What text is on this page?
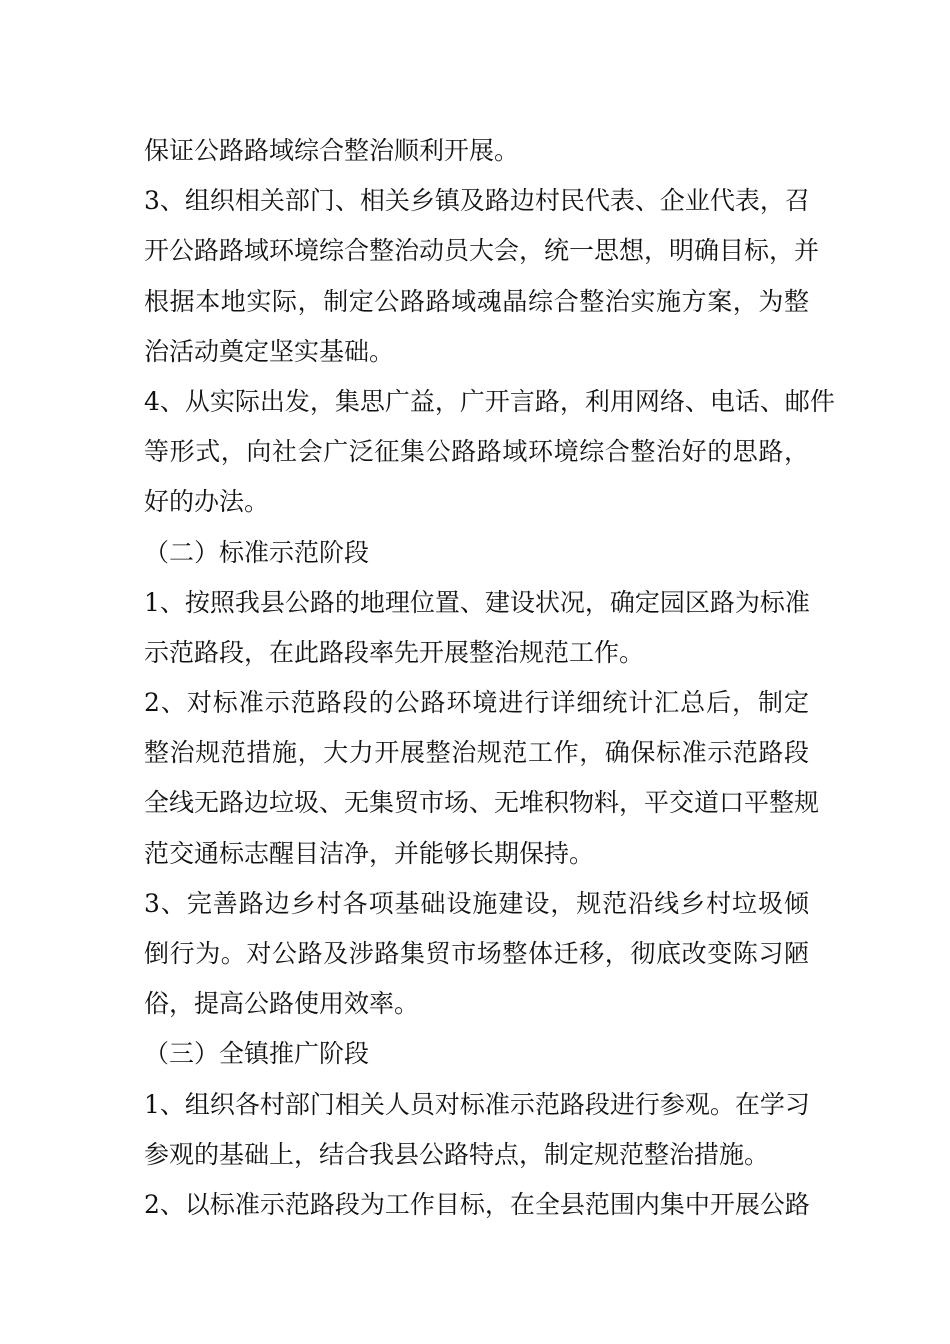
保证公路路域综合整治顺利开展。
3、组织相关部门、相关乡镇及路边村民代表、企业代表，召
开公路路域环境综合整治动员大会，统一思想，明确目标，并
根据本地实际，制定公路路域魂晶综合整治实施方案，为整
治活动奠定坚实基础。
4、从实际出发，集思广益，广开言路，利用网络、电话、邮件
等形式，向社会广泛征集公路路域环境综合整治好的思路，
好的办法。
（二）标准示范阶段
1、按照我县公路的地理位置、建设状况，确定园区路为标准
示范路段，在此路段率先开展整治规范工作。
2、对标准示范路段的公路环境进行详细统计汇总后，制定
整治规范措施，大力开展整治规范工作，确保标准示范路段
全线无路边垃圾、无集贸市场、无堆积物料，平交道口平整规
范交通标志醒目洁净，并能够长期保持。
3、完善路边乡村各项基础设施建设，规范沿线乡村垃圾倾
倒行为。对公路及涉路集贸市场整体迁移，彻底改变陈习陋
俗，提高公路使用效率。
（三）全镇推广阶段
1、组织各村部门相关人员对标准示范路段进行参观。在学习
参观的基础上，结合我县公路特点，制定规范整治措施。
2、以标准示范路段为工作目标，在全县范围内集中开展公路
